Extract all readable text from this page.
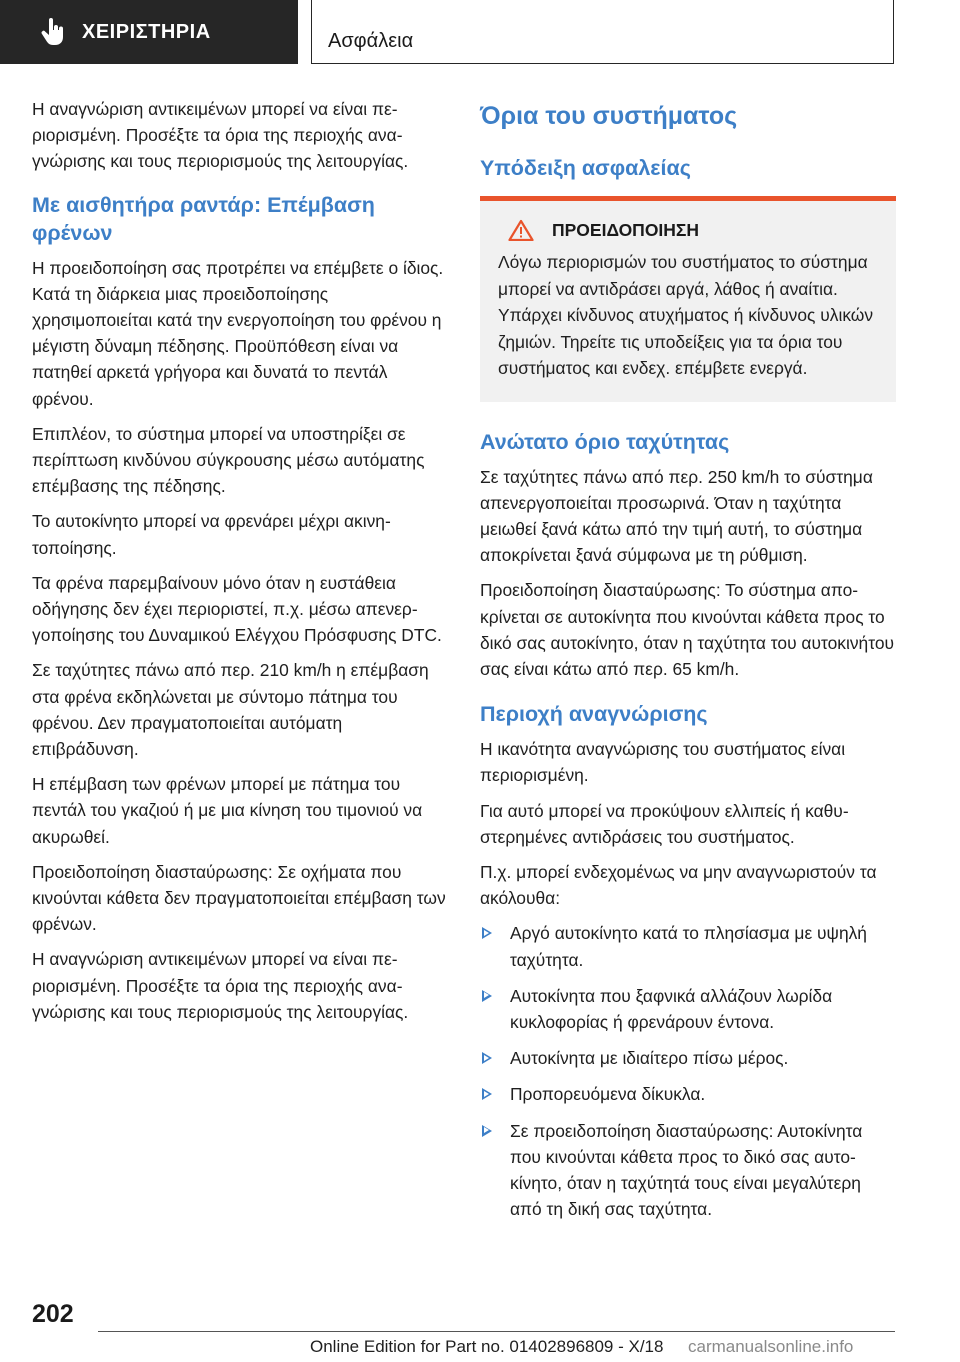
ΧΕΙΡΙΣΤΗΡΙΑ	Ασφάλεια

Η αναγνώριση αντικειμένων μπορεί να είναι περιορισμένη. Προσέξτε τα όρια της περιοχής αναγνώρισης και τους περιορισμούς της λειτουργίας.

Με αισθητήρα ραντάρ: Επέμβαση φρένων

Η προειδοποίηση σας προτρέπει να επέμβετε ο ίδιος. Κατά τη διάρκεια μιας προειδοποίησης χρησιμοποιείται κατά την ενεργοποίηση του φρένου η μέγιστη δύναμη πέδησης. Προϋπόθεση είναι να πατηθεί αρκετά γρήγορα και δυνατά το πεντάλ φρένου.

Επιπλέον, το σύστημα μπορεί να υποστηρίξει σε περίπτωση κινδύνου σύγκρουσης μέσω αυτόματης επέμβασης της πέδησης.

Το αυτοκίνητο μπορεί να φρενάρει μέχρι ακινητοποίησης.

Τα φρένα παρεμβαίνουν μόνο όταν η ευστάθεια οδήγησης δεν έχει περιοριστεί, π.χ. μέσω απενεργοποίησης του Δυναμικού Ελέγχου Πρόσφυσης DTC.

Σε ταχύτητες πάνω από περ. 210 km/h η επέμβαση στα φρένα εκδηλώνεται με σύντομο πάτημα του φρένου. Δεν πραγματοποιείται αυτόματη επιβράδυνση.

Η επέμβαση των φρένων μπορεί με πάτημα του πεντάλ του γκαζιού ή με μια κίνηση του τιμονιού να ακυρωθεί.

Προειδοποίηση διασταύρωσης: Σε οχήματα που κινούνται κάθετα δεν πραγματοποιείται επέμβαση των φρένων.

Η αναγνώριση αντικειμένων μπορεί να είναι περιορισμένη. Προσέξτε τα όρια της περιοχής αναγνώρισης και τους περιορισμούς της λειτουργίας.

Όρια του συστήματος
Υπόδειξη ασφαλείας
ΠΡΟΕΙΔΟΠΟΙΗΣΗ

Λόγω περιορισμών του συστήματος το σύστημα μπορεί να αντιδράσει αργά, λάθος ή αναίτια. Υπάρχει κίνδυνος ατυχήματος ή κίνδυνος υλικών ζημιών. Τηρείτε τις υποδείξεις για τα όρια του συστήματος και ενδεχ. επέμβετε ενεργά.

Ανώτατο όριο ταχύτητας

Σε ταχύτητες πάνω από περ. 250 km/h το σύστημα απενεργοποιείται προσωρινά. Όταν η ταχύτητα μειωθεί ξανά κάτω από την τιμή αυτή, το σύστημα αποκρίνεται ξανά σύμφωνα με τη ρύθμιση.

Προειδοποίηση διασταύρωσης: Το σύστημα αποκρίνεται σε αυτοκίνητα που κινούνται κάθετα προς το δικό σας αυτοκίνητο, όταν η ταχύτητα του αυτοκινήτου σας είναι κάτω από περ. 65 km/h.

Περιοχή αναγνώρισης

Η ικανότητα αναγνώρισης του συστήματος είναι περιορισμένη.

Για αυτό μπορεί να προκύψουν ελλιπείς ή καθυστερημένες αντιδράσεις του συστήματος.

Π.χ. μπορεί ενδεχομένως να μην αναγνωριστούν τα ακόλουθα:

Αργό αυτοκίνητο κατά το πλησίασμα με υψηλή ταχύτητα.
Αυτοκίνητα που ξαφνικά αλλάζουν λωρίδα κυκλοφορίας ή φρενάρουν έντονα.
Αυτοκίνητα με ιδιαίτερο πίσω μέρος.
Προπορευόμενα δίκυκλα.
Σε προειδοποίηση διασταύρωσης: Αυτοκίνητα που κινούνται κάθετα προς το δικό σας αυτοκίνητο, όταν η ταχύτητά τους είναι μεγαλύτερη από τη δική σας ταχύτητα.
202
Online Edition for Part no. 01402896809 - X/18 carmanualsonline.info
